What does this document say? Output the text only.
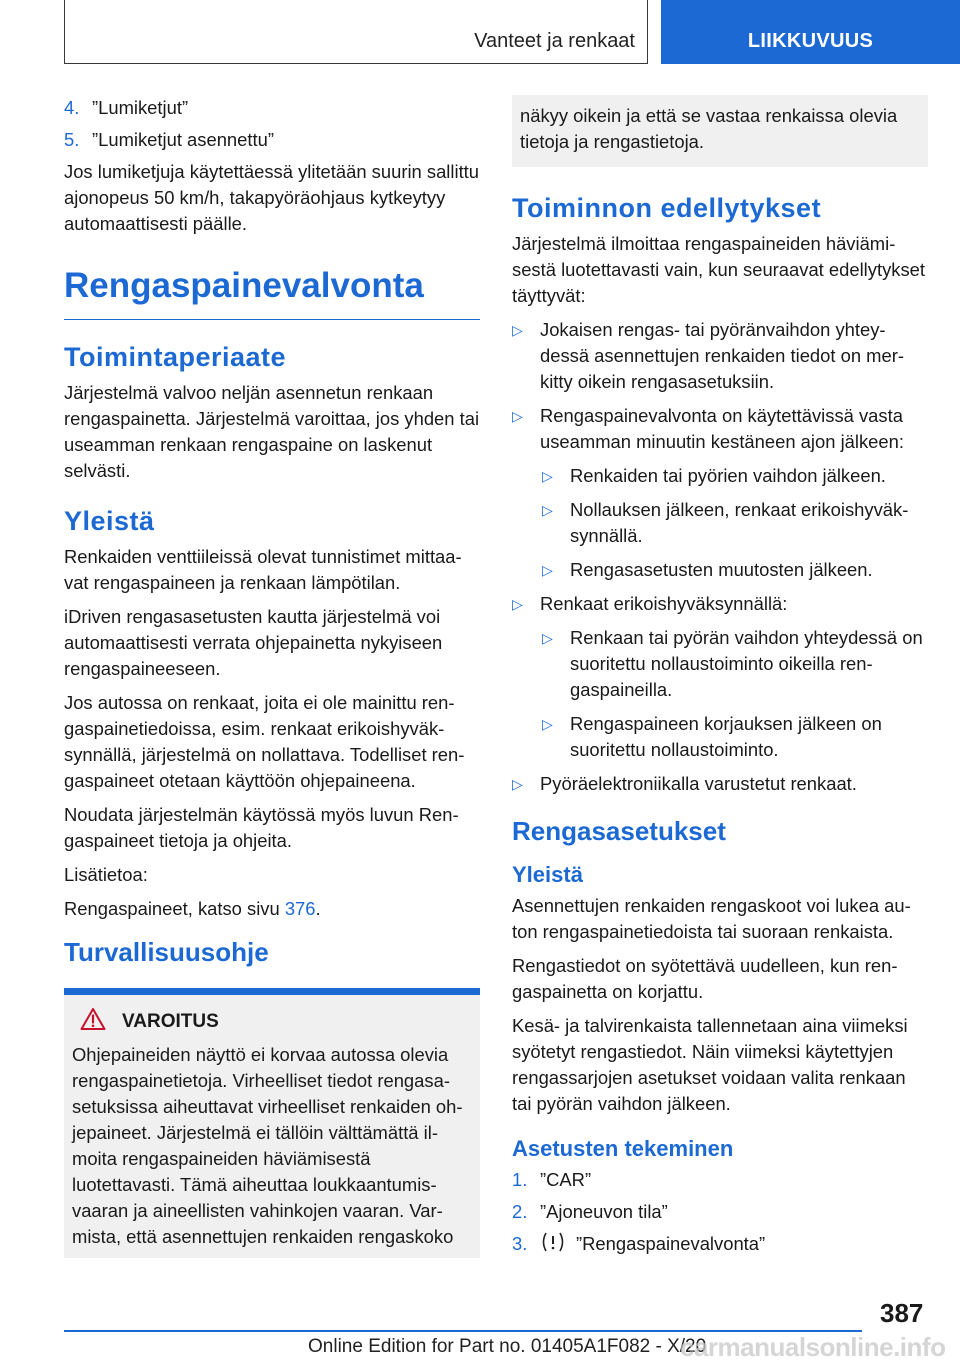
Vanteet ja renkaat	LIIKKUVUUS
4. ”Lumiketjut”
5. ”Lumiketjut asennettu”

Jos lumiketjuja käytettäessä ylitetään suurin sallittu ajonopeus 50 km/h, takapyöräohjaus kytkeytyy automaattisesti päälle.

Rengaspainevalvonta
Toimintaperiaate

Järjestelmä valvoo neljän asennetun renkaan rengaspainetta. Järjestelmä varoittaa, jos yhden tai useamman renkaan rengaspaine on laskenut selvästi.

Yleistä

Renkaiden venttiileissä olevat tunnistimet mittaavat rengaspaineen ja renkaan lämpötilan.

iDriven rengasasetusten kautta järjestelmä voi automaattisesti verrata ohjepainetta nykyiseen rengaspaineeseen.

Jos autossa on renkaat, joita ei ole mainittu rengaspainetiedoissa, esim. renkaat erikoishyväksynnällä, järjestelmä on nollattava. Todelliset rengaspaineet otetaan käyttöön ohjepaineena.

Noudata järjestelmän käytössä myös luvun Rengaspaineet tietoja ja ohjeita.

Lisätietoa:

Rengaspaineet, katso sivu 376.

Turvallisuusohje
VAROITUS

Ohjepaineiden näyttö ei korvaa autossa olevia rengaspainetietoja. Virheelliset tiedot rengasasetuksissa aiheuttavat virheelliset renkaiden ohjepaineet. Järjestelmä ei tällöin välttämättä ilmoita rengaspaineiden häviämisestä luotettavasti. Tämä aiheuttaa loukkaantumisvaaran ja aineellisten vahinkojen vaaran. Varmista, että asennettujen renkaiden rengaskoko

näkyy oikein ja että se vastaa renkaissa olevia tietoja ja rengastietoja.

Toiminnon edellytykset

Järjestelmä ilmoittaa rengaspaineiden häviämisestä luotettavasti vain, kun seuraavat edellytykset täyttyvät:

▷ Jokaisen rengas- tai pyöränvaihdon yhteydessä asennettujen renkaiden tiedot on merkitty oikein rengasasetuksiin.
▷ Rengaspainevalvonta on käytettävissä vasta useamman minuutin kestäneen ajon jälkeen:
▷ Renkaiden tai pyörien vaihdon jälkeen.
▷ Nollauksen jälkeen, renkaat erikoishyväksynnällä.
▷ Rengasasetusten muutosten jälkeen.
▷ Renkaat erikoishyväksynnällä:
▷ Renkaan tai pyörän vaihdon yhteydessä on suoritettu nollaustoiminto oikeilla rengaspaineilla.
▷ Rengaspaineen korjauksen jälkeen on suoritettu nollaustoiminto.
▷ Pyöräelektroniikalla varustetut renkaat.
Rengasasetukset
Yleistä

Asennettujen renkaiden rengaskoot voi lukea auton rengaspainetiedoista tai suoraan renkaista.

Rengastiedot on syötettävä uudelleen, kun rengaspainetta on korjattu.

Kesä- ja talvirenkaista tallennetaan aina viimeksi syötetyt rengastiedot. Näin viimeksi käytettyjen rengassarjojen asetukset voidaan valita renkaan tai pyörän vaihdon jälkeen.

Asetusten tekeminen
1. ”CAR”
2. ”Ajoneuvon tila”
3.	”Rengaspainevalvonta”
387
Online Edition for Part no. 01405A1F082 - X/20
carmanualsonline.info
